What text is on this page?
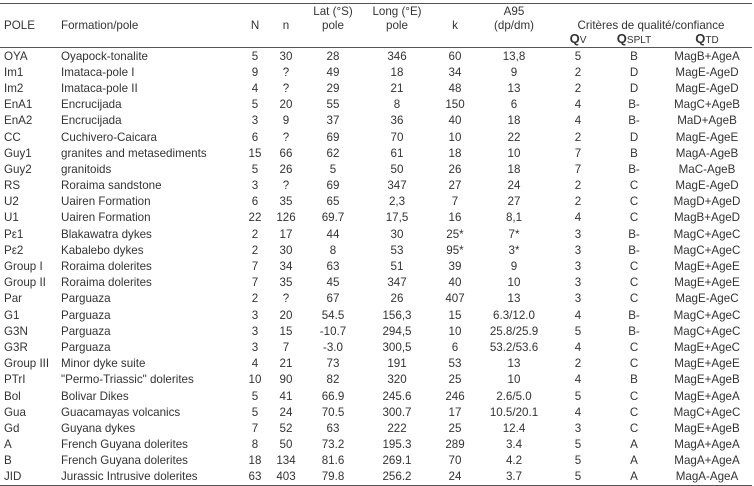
				Lat (°S)	Long (°E)		A95			
POLE	Formation/pole	N	n	pole	pole	k	(dp/dm)	Critères de qualité/confiance		
								QV	QSPLT	QTD
OYA	Oyapock-tonalite	5	30	28	346	60	13,8	5	B	MagB+AgeA
Im1	Imataca-pole I	9	?	49	18	34	9	2	D	MagE-AgeD
Im2	Imataca-pole II	4	?	29	21	48	13	2	D	MagE-AgeD
EnA1	Encrucijada	5	20	55	8	150	6	4	B-	MagC+AgeB
EnA2	Encrucijada	3	9	37	36	40	18	4	B-	MaD+AgeB
CC	Cuchivero-Caicara	6	?	69	70	10	22	2	D	MagE-AgeE
Guy1	granites and metasediments	15	66	62	61	18	10	7	B	MagA-AgeB
Guy2	granitoids	5	26	5	50	26	18	7	B-	MaC-AgeB
RS	Roraima sandstone	3	?	69	347	27	24	2	C	MagE-AgeD
U2	Uairen Formation	6	35	65	2,3	7	27	2	C	MagD+AgeD
U1	Uairen Formation	22	126	69.7	17,5	16	8,1	4	C	MagB+AgeD
Pε1	Blakawatra dykes	2	17	44	30	25*	7*	3	B-	MagC+AgeC
Pε2	Kabalebo dykes	2	30	8	53	95*	3*	3	B-	MagC+AgeC
Group I	Roraima dolerites	7	34	63	51	39	9	3	C	MagE+AgeE
Group II	Roraima dolerites	7	35	45	347	40	10	3	C	MagE+AgeE
Par	Parguaza	2	?	67	26	407	13	3	C	MagE-AgeC
G1	Parguaza	3	20	54.5	156,3	15	6.3/12.0	4	B-	MagC+AgeC
G3N	Parguaza	3	15	-10.7	294,5	10	25.8/25.9	5	B-	MagC+AgeC
G3R	Parguaza	3	7	-3.0	300,5	6	53.2/53.6	4	C	MagE+AgeC
Group III	Minor dyke suite	4	21	73	191	53	13	2	C	MagE+AgeE
PTrI	"Permo-Triassic" dolerites	10	90	82	320	25	10	4	B	MagE+AgeB
Bol	Bolivar Dikes	5	41	66.9	245.6	246	2.6/5.0	5	C	MagE+AgeA
Gua	Guacamayas volcanics	5	24	70.5	300.7	17	10.5/20.1	4	C	MagC+AgeC
Gd	Guyana dykes	7	52	63	222	25	12.4	3	C	MagE+AgeB
A	French Guyana dolerites	8	50	73.2	195.3	289	3.4	5	A	MagA+AgeA
B	French Guyana dolerites	18	134	81.6	269.1	70	4.2	5	A	MagA+AgeA
JID	Jurassic Intrusive dolerites	63	403	79.8	256.2	24	3.7	5	A	MagA-AgeA
